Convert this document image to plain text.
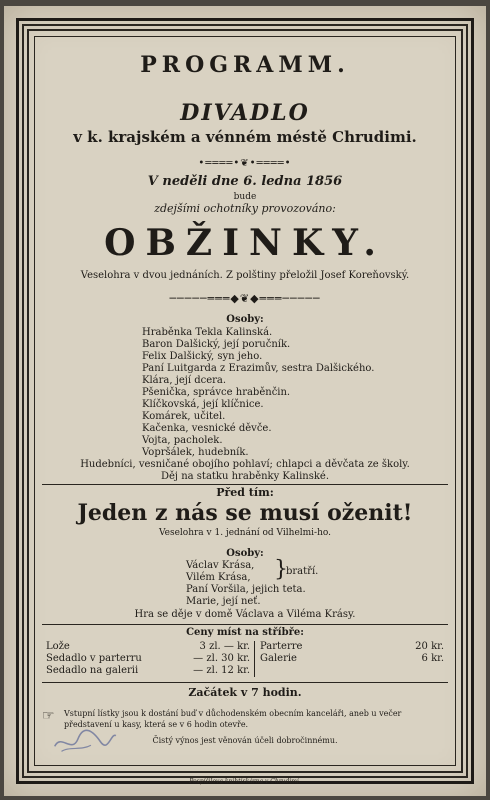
PROGRAMM.
DIVADLO
v k. krajském a vénném méstě Chrudimi.
•════•❦•════•
V neděli dne 6. ledna 1856
bude
zdejšími ochotníky provozováno:
OBŽINKY.
Veselohra v dvou jednáních. Z polštiny přeložil Josef Koreňovský.
─────═══◆❦◆═══─────
Osoby:
Hraběnka Tekla Kalinská.
Baron Dalšický, její poručník.
Felix Dalšický, syn jeho.
Paní Luitgarda z Erazimův, sestra Dalšického.
Klára, její dcera.
Pšenička, správce hraběnčin.
Klíčkovská, její klíčnice.
Komárek, učitel.
Kačenka, vesnické děvče.
Vojta, pacholek.
Vopršálek, hudebník.
Hudebníci, vesničané obojího pohlaví; chlapci a děvčata ze školy.
Děj na statku hraběnky Kalinské.
Před tím:
Jeden z nás se musí oženit!
Veselohra v 1. jednání od Vilhelmi-ho.
Osoby:
Václav Krása,
Vilém Krása,
Paní Voršila, jejich teta.
Marie, její neť.
}
bratří.
Hra se děje v domě Václava a Viléma Krásy.
Ceny míst na stříbře:
Lože	3 zl. — kr.
Sedadlo v parterru	— zl. 30 kr.
Sedadlo na galerii	— zl. 12 kr.
Parterre	20 kr.
Galerie	6 kr.
Začátek v 7 hodin.
☞ Vstupní lístky jsou k dostání buď v důchodenském obecním kanceláři, aneb u večer představení u kasy, která se v 6 hodin otevře.
Čistý výnos jest věnován účeli dobročinnému.
Pospíšilova knihtiskárna v Chrudimi.
